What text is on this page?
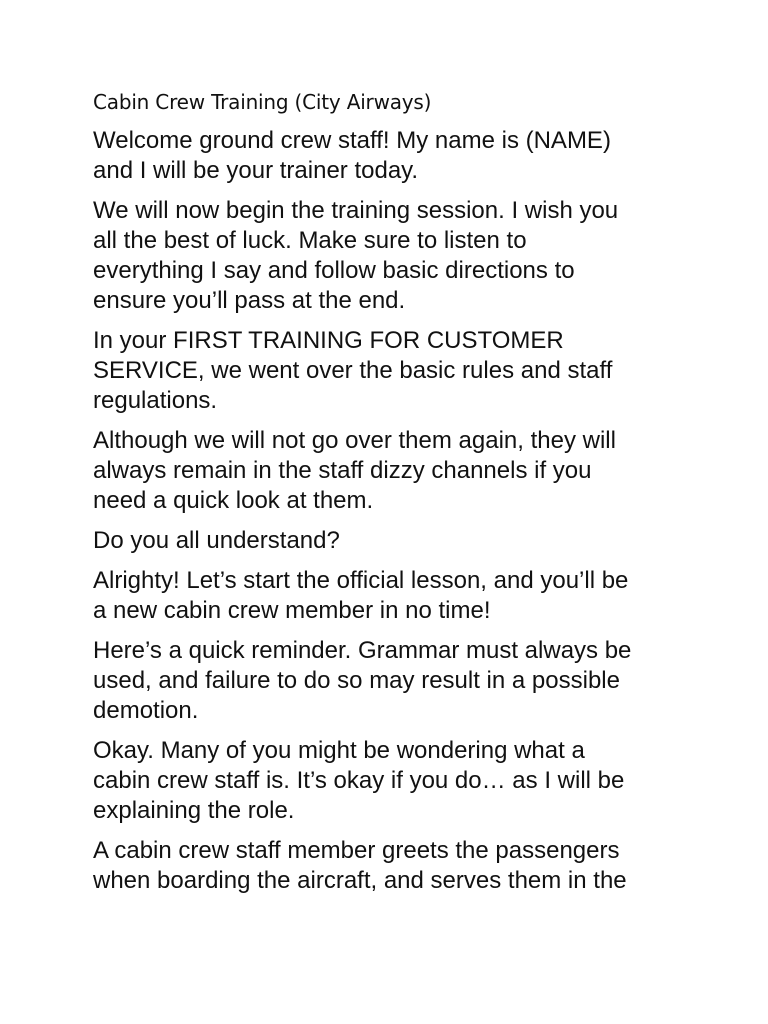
Cabin Crew Training (City Airways)

Welcome ground crew staff! My name is (NAME)
and I will be your trainer today.

We will now begin the training session. I wish you
all the best of luck. Make sure to listen to
everything I say and follow basic directions to
ensure you’ll pass at the end.

In your FIRST TRAINING FOR CUSTOMER
SERVICE, we went over the basic rules and staff
regulations.

Although we will not go over them again, they will
always remain in the staff dizzy channels if you
need a quick look at them.

Do you all understand?

Alrighty! Let’s start the official lesson, and you’ll be
a new cabin crew member in no time!

Here’s a quick reminder. Grammar must always be
used, and failure to do so may result in a possible
demotion.

Okay. Many of you might be wondering what a
cabin crew staff is. It’s okay if you do… as I will be
explaining the role.

A cabin crew staff member greets the passengers
when boarding the aircraft, and serves them in the
